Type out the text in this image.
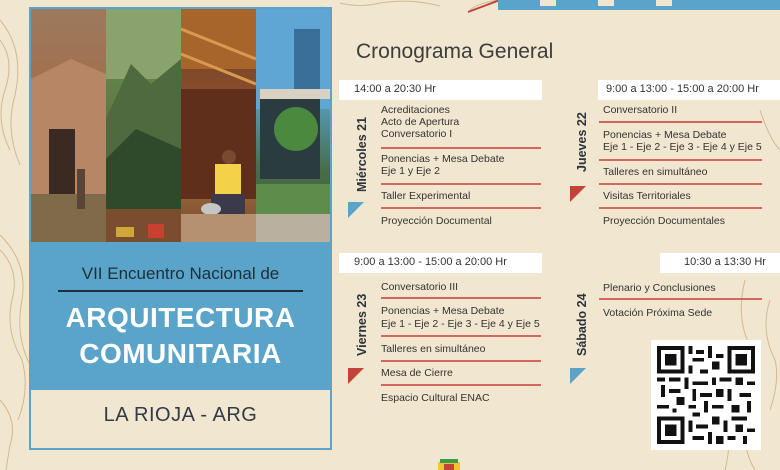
VII Encuentro Nacional de
ARQUITECTURA
COMUNITARIA
LA RIOJA - ARG
Cronograma General
14:00 a 20:30 Hr
Miércoles 21
Acreditaciones
Acto de Apertura
Conversatorio I
Ponencias + Mesa Debate
Eje 1 y Eje 2
Taller Experimental
Proyección Documental
9:00 a 13:00 - 15:00 a 20:00 Hr
Jueves 22
Conversatorio II
Ponencias + Mesa Debate
Eje 1 - Eje 2 - Eje 3 - Eje 4 y Eje 5
Talleres en simultáneo
Visitas Territoriales
Proyección Documentales
9:00 a 13:00 - 15:00 a 20:00 Hr
Viernes 23
Conversatorio III
Ponencias + Mesa Debate
Eje 1 - Eje 2 - Eje 3 - Eje 4 y Eje 5
Talleres en simultáneo
Mesa de Cierre
Espacio Cultural ENAC
10:30 a 13:30 Hr
Sábado 24
Plenario y Conclusiones
Votación Próxima Sede
